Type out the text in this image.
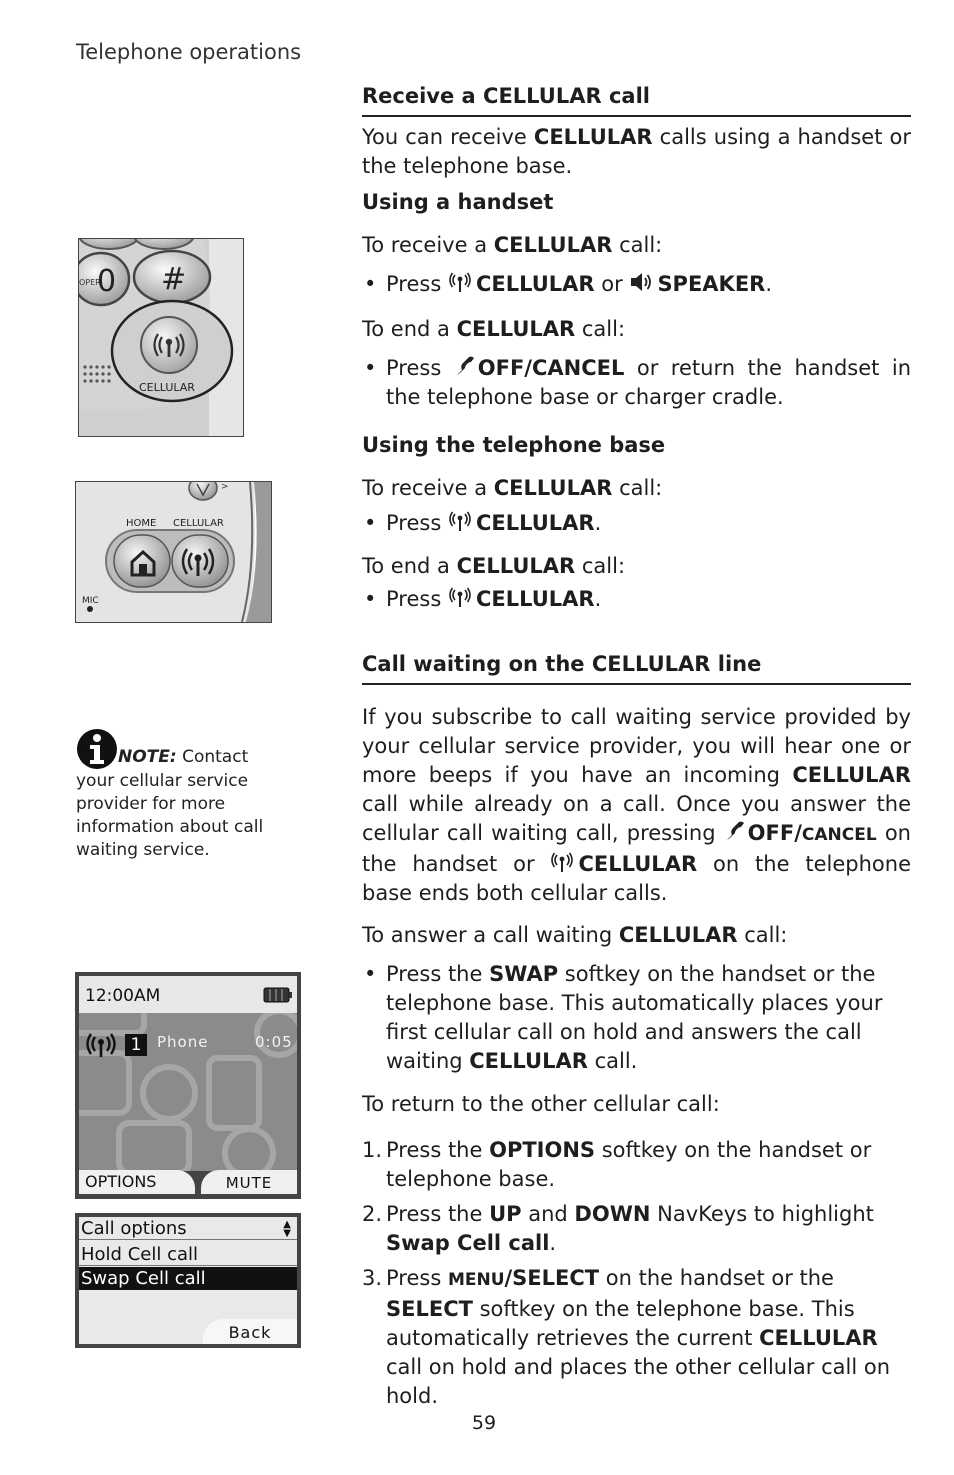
Telephone operations
Receive a CELLULAR call

You can receive CELLULAR calls using a handset or the telephone base.

Using a handset

To receive a CELLULAR call:

• Press CELLULAR or SPEAKER.

To end a CELLULAR call:

• Press OFF/CANCEL or return the handset in the telephone base or charger cradle.

Using the telephone base

To receive a CELLULAR call:

• Press CELLULAR.

To end a CELLULAR call:

• Press CELLULAR.

Call waiting on the CELLULAR line

If you subscribe to call waiting service provided by your cellular service provider, you will hear one or more beeps if you have an incoming CELLULAR call while already on a call. Once you answer the cellular call waiting call, pressing OFF/CANCEL on the handset or CELLULAR on the telephone base ends both cellular calls.

To answer a call waiting CELLULAR call:

• Press the SWAP softkey on the handset or the telephone base. This automatically places your first cellular call on hold and answers the call waiting CELLULAR call.

To return to the other cellular call:

1. Press the OPTIONS softkey on the handset or telephone base.

2. Press the UP and DOWN NavKeys to highlight Swap Cell call.

3. Press MENU/SELECT on the handset or the SELECT softkey on the telephone base. This automatically retrieves the current CELLULAR call on hold and places the other cellular call on hold.

OPER
0 #
CELLULAR
>
HOME CELLULAR
MIC
NOTE: Contact your cellular service provider for more information about call waiting service.
12:00AM
1	Phone	0:05
OPTIONS	MUTE
Call options	▲
▼
Hold Cell call
Swap Cell call
Back
59
